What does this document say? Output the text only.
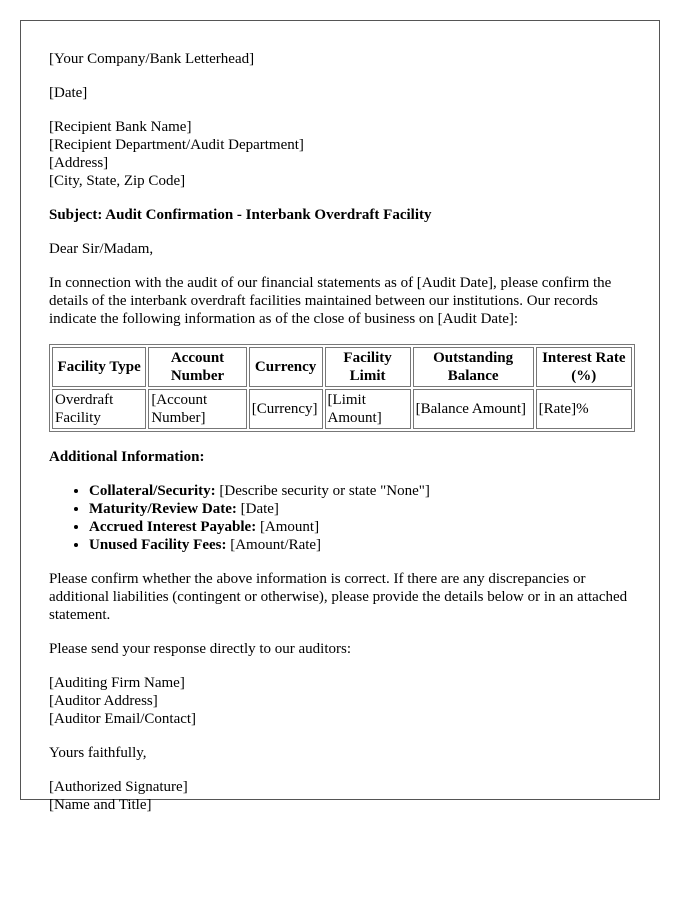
[Your Company/Bank Letterhead]

[Date]

[Recipient Bank Name]
[Recipient Department/Audit Department]
[Address]
[City, State, Zip Code]

Subject: Audit Confirmation - Interbank Overdraft Facility

Dear Sir/Madam,

In connection with the audit of our financial statements as of [Audit Date], please confirm the details of the interbank overdraft facilities maintained between our institutions. Our records indicate the following information as of the close of business on [Audit Date]:

Facility Type	Account Number	Currency	Facility Limit	Outstanding Balance	Interest Rate (%)
Overdraft Facility	[Account Number]	[Currency]	[Limit Amount]	[Balance Amount]	[Rate]%
Additional Information:
• Collateral/Security: [Describe security or state "None"]
• Maturity/Review Date: [Date]
• Accrued Interest Payable: [Amount]
• Unused Facility Fees: [Amount/Rate]

Please confirm whether the above information is correct. If there are any discrepancies or additional liabilities (contingent or otherwise), please provide the details below or in an attached statement.

Please send your response directly to our auditors:

[Auditing Firm Name]
[Auditor Address]
[Auditor Email/Contact]

Yours faithfully,

[Authorized Signature]
[Name and Title]
